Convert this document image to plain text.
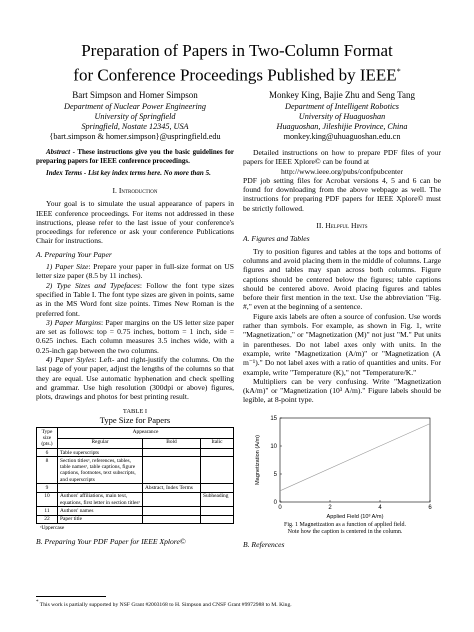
Preparation of Papers in Two-Column Format
for Conference Proceedings Published by IEEE*
Bart Simpson and Homer Simpson
Department of Nuclear Power Engineering
University of Springfield
Springfield, Nostate 12345, USA
{bart.simpson & homer.simpson}@uspringfield.edu
Monkey King, Bajie Zhu and Seng Tang
Department of Intelligent Robotics
University of Huaguoshan
Huaguoshan, Jileshijie Province, China
monkey.king@uhuaguoshan.edu.cn

Abstract - These instructions give you the basic guidelines for preparing papers for IEEE conference proceedings.

Index Terms - List key index terms here. No more than 5.

I. Introduction

Your goal is to simulate the usual appearance of papers in IEEE conference proceedings. For items not addressed in these instructions, please refer to the last issue of your conference's proceedings for reference or ask your conference Publications Chair for instructions.

A. Preparing Your Paper

1) Paper Size: Prepare your paper in full-size format on US letter size paper (8.5 by 11 inches).

2) Type Sizes and Typefaces: Follow the font type sizes specified in Table I. The font type sizes are given in points, same as in the MS Word font size points. Times New Roman is the preferred font.

3) Paper Margins: Paper margins on the US letter size paper are set as follows: top = 0.75 inches, bottom = 1 inch, side = 0.625 inches. Each column measures 3.5 inches wide, with a 0.25-inch gap between the two columns.

4) Paper Styles: Left- and right-justify the columns. On the last page of your paper, adjust the lengths of the columns so that they are equal. Use automatic hyphenation and check spelling and grammar. Use high resolution (300dpi or above) figures, plots, drawings and photos for best printing result.

TABLE I
Type Size for Papers
Type size (pts.)	Appearance		
	Regular	Bold	Italic
6	Table superscripts		
8	Section titlesᵃ, references, tables, table namesᵃ, table captions, figure captions, footnotes, text subscripts, and superscripts		
9		Abstract, Index Terms	
10	Authors' affiliations, main text, equations, first letter in section titlesᵃ		Subheading
11	Authors' names		
22	Paper title		
ᵃUppercase
B. Preparing Your PDF Paper for IEEE Xplore©

Detailed instructions on how to prepare PDF files of your papers for IEEE Xplore© can be found at

http://www.ieee.org/pubs/confpubcenter

PDF job setting files for Acrobat versions 4, 5 and 6 can be found for downloading from the above webpage as well. The instructions for preparing PDF papers for IEEE Xplore© must be strictly followed.

II. Helpful Hints
A. Figures and Tables

Try to position figures and tables at the tops and bottoms of columns and avoid placing them in the middle of columns. Large figures and tables may span across both columns. Figure captions should be centered below the figures; table captions should be centered above. Avoid placing figures and tables before their first mention in the text. Use the abbreviation "Fig. #," even at the beginning of a sentence.

Figure axis labels are often a source of confusion. Use words rather than symbols. For example, as shown in Fig. 1, write "Magnetization," or "Magnetization (M)" not just "M." Put units in parentheses. Do not label axes only with units. In the example, write "Magnetization (A/m)" or "Magnetization (A m⁻¹)." Do not label axes with a ratio of quantities and units. For example, write "Temperature (K)," not "Temperature/K."

Multipliers can be very confusing. Write "Magnetization (kA/m)" or "Magnetization (10³ A/m)." Figure labels should be legible, at 8-point type.

0	2	4	6
0
5
10
15
Applied Field (10³ A/m)
Magnetization (A/m)
Fig. 1 Magnetization as a function of applied field.
Note how the caption is centered in the column.
B. References
* This work is partially supported by NSF Grant #2003168 to H. Simpson and CNSF Grant #9972988 to M. King.
